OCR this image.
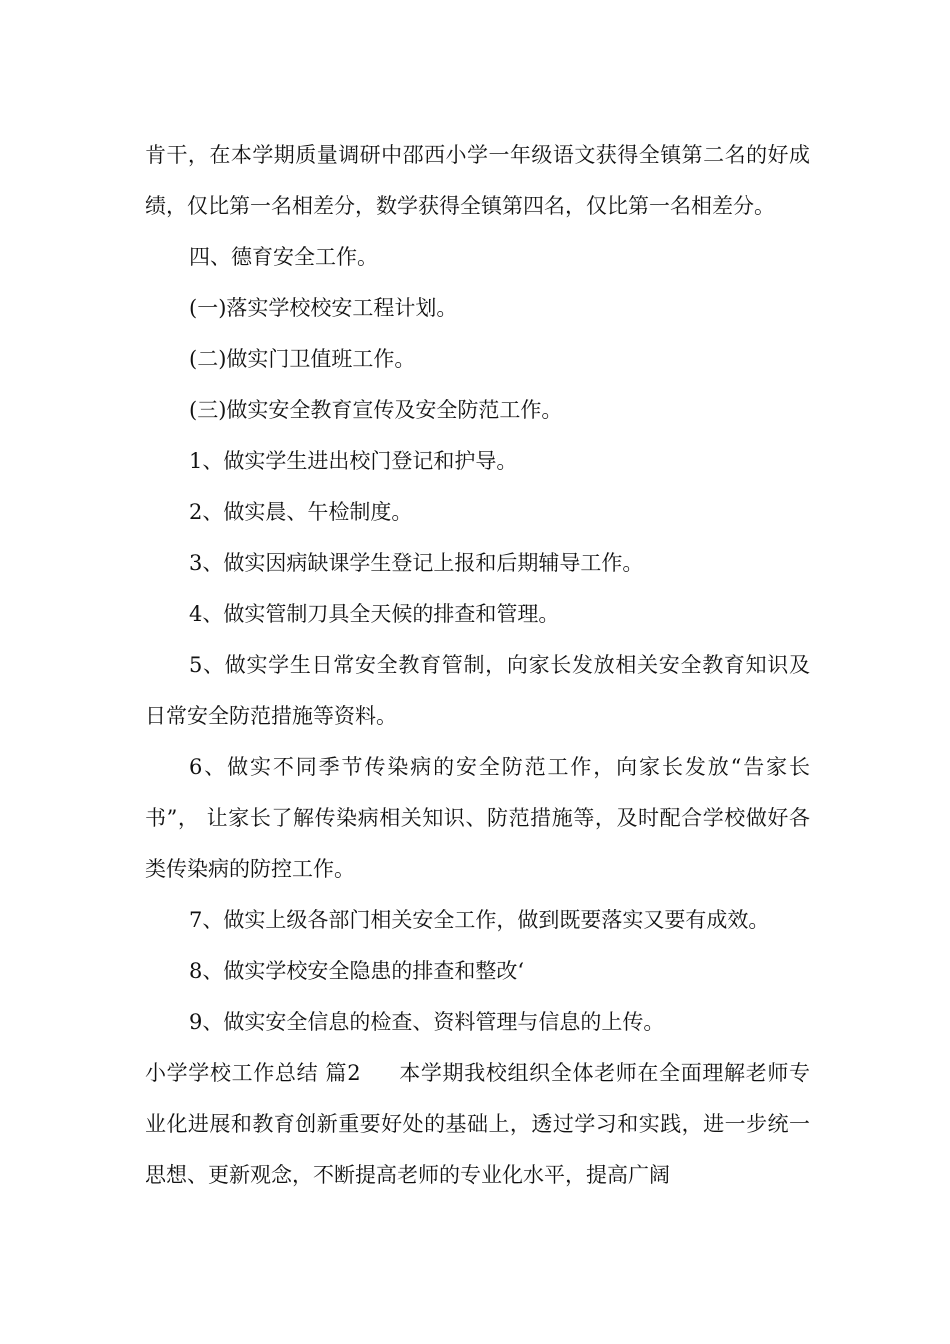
肯干，在本学期质量调研中邵西小学一年级语文获得全镇第二名的好成绩，仅比第一名相差分，数学获得全镇第四名，仅比第一名相差分。

四、德育安全工作。

(一)落实学校校安工程计划。

(二)做实门卫值班工作。

(三)做实安全教育宣传及安全防范工作。

1、做实学生进出校门登记和护导。

2、做实晨、午检制度。

3、做实因病缺课学生登记上报和后期辅导工作。

4、做实管制刀具全天候的排查和管理。

5、做实学生日常安全教育管制，向家长发放相关安全教育知识及日常安全防范措施等资料。

6、做实不同季节传染病的安全防范工作，向家长发放“告家长书”， 让家长了解传染病相关知识、防范措施等，及时配合学校做好各类传染病的防控工作。

7、做实上级各部门相关安全工作，做到既要落实又要有成效。

8、做实学校安全隐患的排查和整改‘

9、做实安全信息的检查、资料管理与信息的上传。

小学学校工作总结 篇2 本学期我校组织全体老师在全面理解老师专业化进展和教育创新重要好处的基础上，透过学习和实践，进一步统一思想、更新观念，不断提高老师的专业化水平，提高广阔
